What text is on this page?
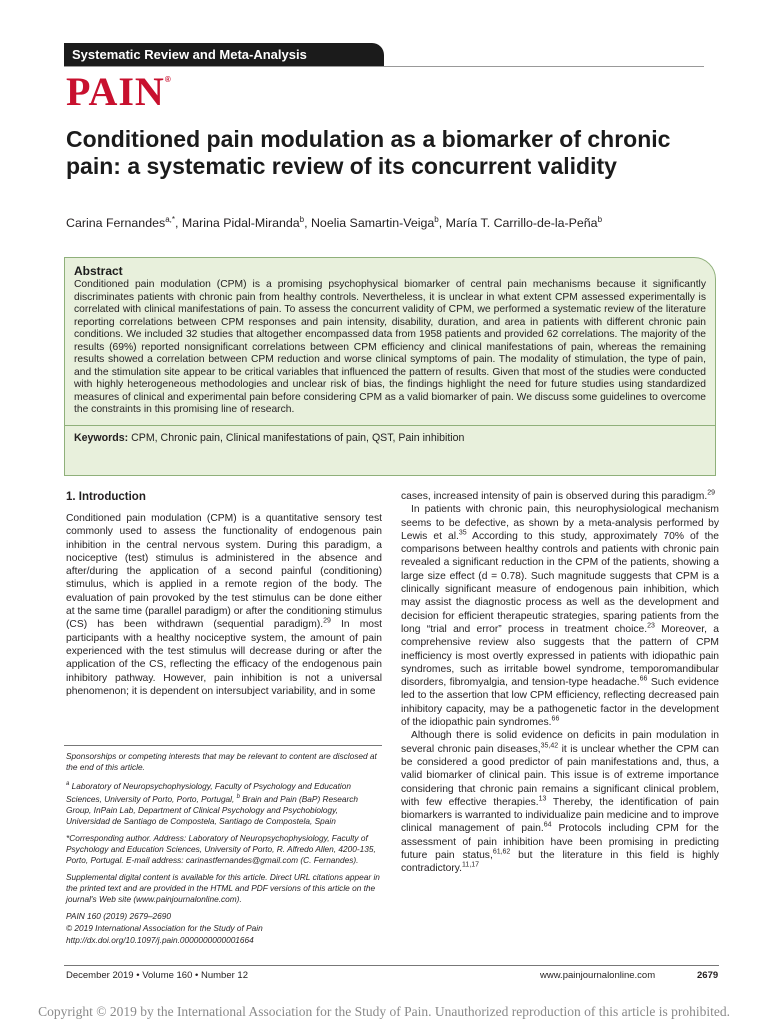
Systematic Review and Meta-Analysis
PAIN®
Conditioned pain modulation as a biomarker of chronic pain: a systematic review of its concurrent validity
Carina Fernandes$^{a,*}$, Marina Pidal-Miranda$^b$, Noelia Samartin-Veiga$^b$, María T. Carrillo-de-la-Peña$^b$
Abstract
Conditioned pain modulation (CPM) is a promising psychophysical biomarker of central pain mechanisms because it significantly discriminates patients with chronic pain from healthy controls. Nevertheless, it is unclear in what extent CPM assessed experimentally is correlated with clinical manifestations of pain. To assess the concurrent validity of CPM, we performed a systematic review of the literature reporting correlations between CPM responses and pain intensity, disability, duration, and area in patients with different chronic pain conditions. We included 32 studies that altogether encompassed data from 1958 patients and provided 62 correlations. The majority of the results (69%) reported nonsignificant correlations between CPM efficiency and clinical manifestations of pain, whereas the remaining results showed a correlation between CPM reduction and worse clinical symptoms of pain. The modality of stimulation, the type of pain, and the stimulation site appear to be critical variables that influenced the pattern of results. Given that most of the studies were conducted with highly heterogeneous methodologies and unclear risk of bias, the findings highlight the need for future studies using standardized measures of clinical and experimental pain before considering CPM as a valid biomarker of pain. We discuss some guidelines to overcome the constraints in this promising line of research.
Keywords: CPM, Chronic pain, Clinical manifestations of pain, QST, Pain inhibition
1. Introduction

Conditioned pain modulation (CPM) is a quantitative sensory test commonly used to assess the functionality of endogenous pain inhibition in the central nervous system. During this paradigm, a nociceptive (test) stimulus is administered in the absence and after/during the application of a second painful (conditioning) stimulus, which is applied in a remote region of the body. The evaluation of pain provoked by the test stimulus can be done either at the same time (parallel paradigm) or after the conditioning stimulus (CS) has been withdrawn (sequential paradigm).$^{29}$ In most participants with a healthy nociceptive system, the amount of pain experienced with the test stimulus will decrease during or after the application of the CS, reflecting the efficacy of the endogenous pain inhibitory pathway. However, pain inhibition is not a universal phenomenon; it is dependent on intersubject variability, and in some

cases, increased intensity of pain is observed during this paradigm.$^{29}$

In patients with chronic pain, this neurophysiological mechanism seems to be defective, as shown by a meta-analysis performed by Lewis et al.$^{35}$ According to this study, approximately 70% of the comparisons between healthy controls and patients with chronic pain revealed a significant reduction in the CPM of the patients, showing a large size effect (d = 0.78). Such magnitude suggests that CPM is a clinically significant measure of endogenous pain inhibition, which may assist the diagnostic process as well as the development and decision for efficient therapeutic strategies, sparing patients from the long “trial and error” process in treatment choice.$^{23}$ Moreover, a comprehensive review also suggests that the pattern of CPM inefficiency is most overtly expressed in patients with idiopathic pain syndromes, such as irritable bowel syndrome, temporomandibular disorders, fibromyalgia, and tension-type headache.$^{66}$ Such evidence led to the assertion that low CPM efficiency, reflecting decreased pain inhibitory capacity, may be a pathogenetic factor in the development of the idiopathic pain syndromes.$^{66}$

Although there is solid evidence on deficits in pain modulation in several chronic pain diseases,$^{35,42}$ it is unclear whether the CPM can be considered a good predictor of pain manifestations and, thus, a valid biomarker of clinical pain. This issue is of extreme importance considering that chronic pain remains a significant clinical problem, with few effective therapies.$^{13}$ Thereby, the identification of pain biomarkers is warranted to individualize pain medicine and to improve clinical management of pain.$^{64}$ Protocols including CPM for the assessment of pain inhibition have been promising in predicting future pain status,$^{61,62}$ but the literature in this field is highly contradictory.$^{11,17}$

Sponsorships or competing interests that may be relevant to content are disclosed at the end of this article.

$^a$ Laboratory of Neuropsychophysiology, Faculty of Psychology and Education Sciences, University of Porto, Porto, Portugal, $^b$ Brain and Pain (BaP) Research Group, InPain Lab, Department of Clinical Psychology and Psychobiology, Universidad de Santiago de Compostela, Santiago de Compostela, Spain

*Corresponding author. Address: Laboratory of Neuropsychophysiology, Faculty of Psychology and Education Sciences, University of Porto, R. Alfredo Allen, 4200-135, Porto, Portugal. E-mail address: carinastfernandes@gmail.com (C. Fernandes).

Supplemental digital content is available for this article. Direct URL citations appear in the printed text and are provided in the HTML and PDF versions of this article on the journal's Web site (www.painjournalonline.com).

PAIN 160 (2019) 2679–2690

© 2019 International Association for the Study of Pain

http://dx.doi.org/10.1097/j.pain.0000000000001664

December 2019 • Volume 160 • Number 12	www.painjournalonline.com	2679
Copyright © 2019 by the International Association for the Study of Pain. Unauthorized reproduction of this article is prohibited.
